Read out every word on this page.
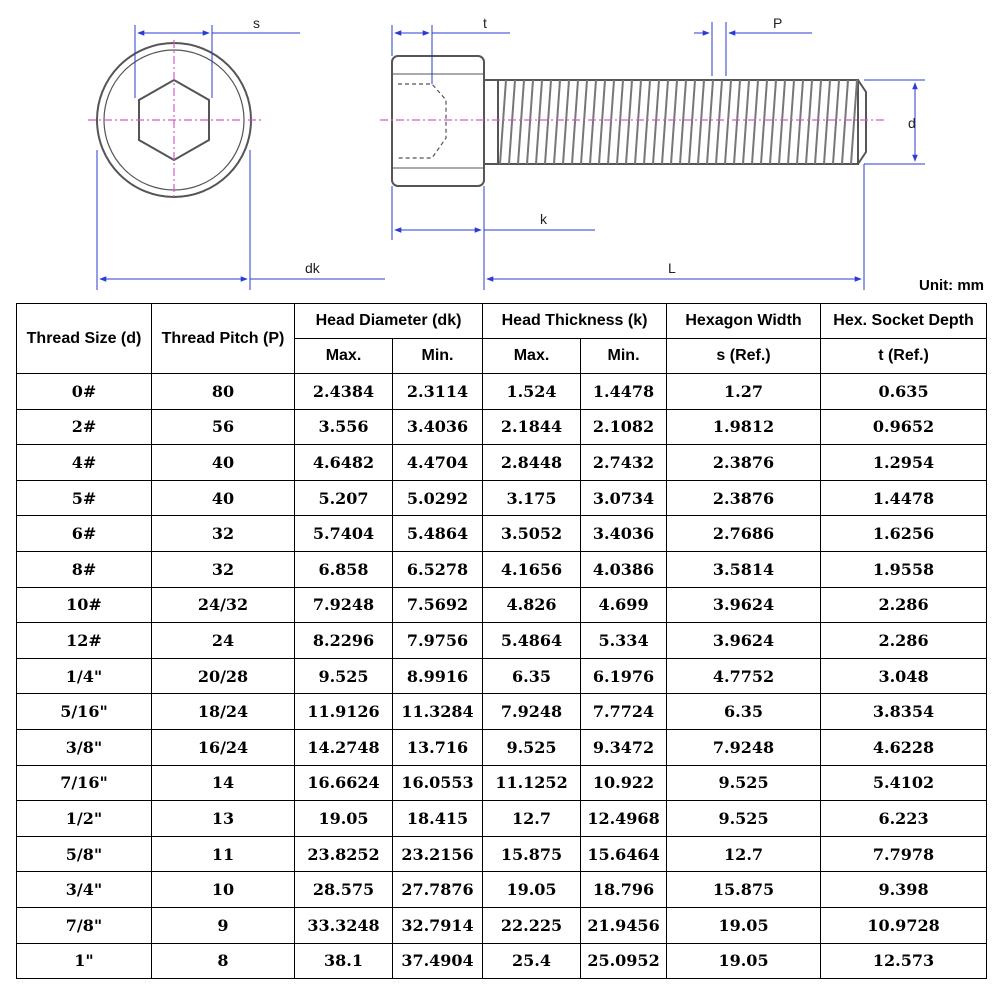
s
dk
t	P
d
k
L
Unit: mm
Thread Size (d)	Thread Pitch (P)	Head Diameter (dk)		Head Thickness (k)		Hexagon Width	Hex. Socket Depth
		Max.	Min.	Max.	Min.	s (Ref.)	t (Ref.)
0#	80	2.4384	2.3114	1.524	1.4478	1.27	0.635
2#	56	3.556	3.4036	2.1844	2.1082	1.9812	0.9652
4#	40	4.6482	4.4704	2.8448	2.7432	2.3876	1.2954
5#	40	5.207	5.0292	3.175	3.0734	2.3876	1.4478
6#	32	5.7404	5.4864	3.5052	3.4036	2.7686	1.6256
8#	32	6.858	6.5278	4.1656	4.0386	3.5814	1.9558
10#	24/32	7.9248	7.5692	4.826	4.699	3.9624	2.286
12#	24	8.2296	7.9756	5.4864	5.334	3.9624	2.286
1/4"	20/28	9.525	8.9916	6.35	6.1976	4.7752	3.048
5/16"	18/24	11.9126	11.3284	7.9248	7.7724	6.35	3.8354
3/8"	16/24	14.2748	13.716	9.525	9.3472	7.9248	4.6228
7/16"	14	16.6624	16.0553	11.1252	10.922	9.525	5.4102
1/2"	13	19.05	18.415	12.7	12.4968	9.525	6.223
5/8"	11	23.8252	23.2156	15.875	15.6464	12.7	7.7978
3/4"	10	28.575	27.7876	19.05	18.796	15.875	9.398
7/8"	9	33.3248	32.7914	22.225	21.9456	19.05	10.9728
1"	8	38.1	37.4904	25.4	25.0952	19.05	12.573
